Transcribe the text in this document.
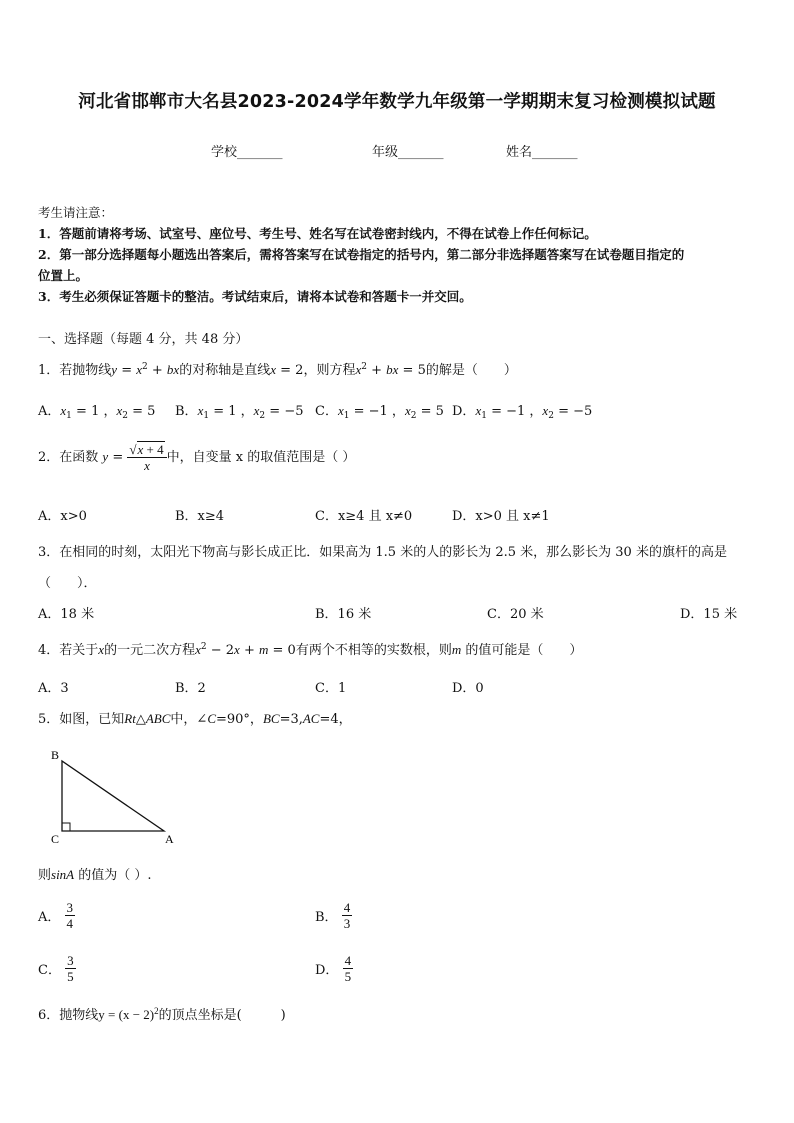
河北省邯郸市大名县2023-2024学年数学九年级第一学期期末复习检测模拟试题
学校_______	年级_______	姓名_______
考生请注意：
1．答题前请将考场、试室号、座位号、考生号、姓名写在试卷密封线内，不得在试卷上作任何标记。
2．第一部分选择题每小题选出答案后，需将答案写在试卷指定的括号内，第二部分非选择题答案写在试卷题目指定的
位置上。
3．考生必须保证答题卡的整洁。考试结束后，请将本试卷和答题卡一并交回。
一、选择题（每题 4 分，共 48 分）
1．若抛物线$y = x^2$ + bx的对称轴是直线x = 2，则方程$x^2$ + bx = 5的解是（　　）
A．$x_1 = 1$ ，$x_2 = 5$ B．$x_1 = 1$ ，$x_2 = -5$ C．$x_1 = -1$ ，$x_2 = 5$ D．$x_1 = -1$ ，$x_2 = -5$
2．在函数 $y = \frac{√x + 4}{x}$ 中，自变量 x 的取值范围是（ ）
A．x>0	B．x≥4	C．x≥4 且 x≠0	D．x>0 且 x≠1
3．在相同的时刻，太阳光下物高与影长成正比．如果高为 1.5 米的人的影长为 2.5 米，那么影长为 30 米的旗杆的高是
（　　）．
A．18 米	B．16 米	C．20 米	D．15 米
4．若关于x的一元二次方程$x^2 - 2x + m = 0$有两个不相等的实数根，则m 的值可能是（　　）
A．3	B．2	C．1	D．0
5．如图，已知Rt△ABC中，∠C=90°，BC=3,AC=4，
B
C	A
则sinA 的值为（ ）.
A． $\frac{3}{4}$	B． $\frac{4}{3}$
C． $\frac{3}{5}$	D． $\frac{4}{5}$
6．抛物线$y = (x - 2)^2$的顶点坐标是(　　　)
